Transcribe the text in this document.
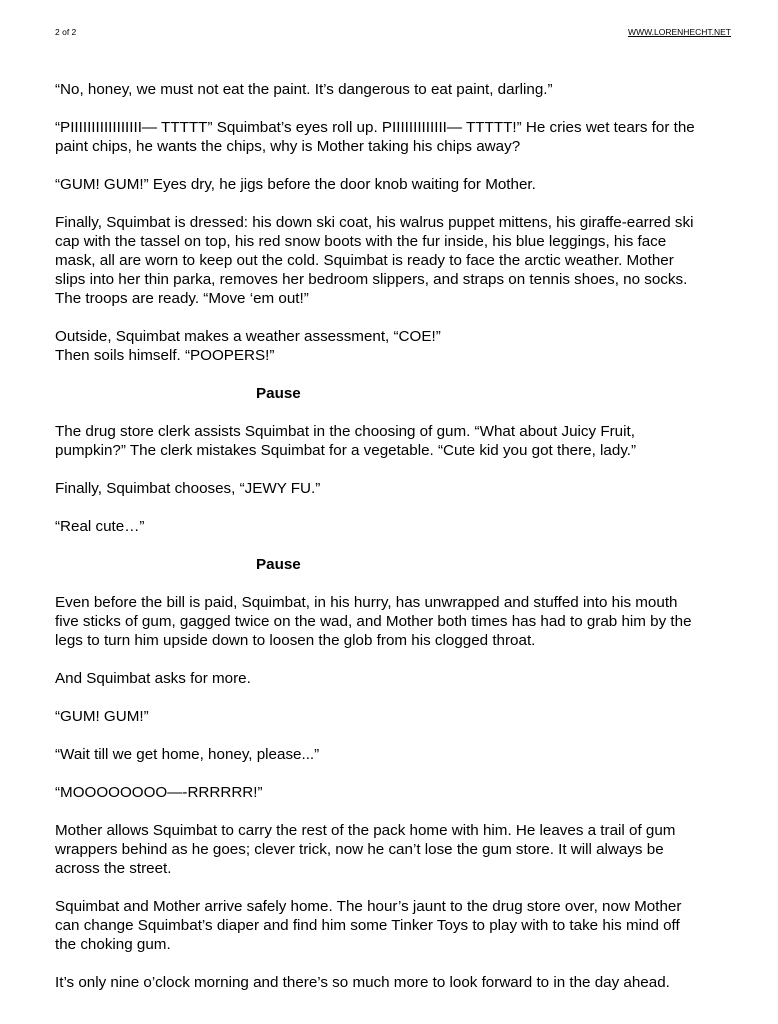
2 of 2	WWW.LORENHECHT.NET

“No, honey, we must not eat the paint. It’s dangerous to eat paint, darling.”

“PIIIIIIIIIIIIIIIII— TTTTT” Squimbat’s eyes roll up. PIIIIIIIIIIIII— TTTTT!” He cries wet tears for the
paint chips, he wants the chips, why is Mother taking his chips away?

“GUM! GUM!” Eyes dry, he jigs before the door knob waiting for Mother.

Finally, Squimbat is dressed: his down ski coat, his walrus puppet mittens, his giraffe-earred ski
cap with the tassel on top, his red snow boots with the fur inside, his blue leggings, his face
mask, all are worn to keep out the cold. Squimbat is ready to face the arctic weather. Mother
slips into her thin parka, removes her bedroom slippers, and straps on tennis shoes, no socks.
The troops are ready. “Move ‘em out!”

Outside, Squimbat makes a weather assessment, “COE!”
Then soils himself. “POOPERS!”

Pause

The drug store clerk assists Squimbat in the choosing of gum. “What about Juicy Fruit,
pumpkin?” The clerk mistakes Squimbat for a vegetable. “Cute kid you got there, lady.”

Finally, Squimbat chooses, “JEWY FU.”

“Real cute…”

Pause

Even before the bill is paid, Squimbat, in his hurry, has unwrapped and stuffed into his mouth
five sticks of gum, gagged twice on the wad, and Mother both times has had to grab him by the
legs to turn him upside down to loosen the glob from his clogged throat.

And Squimbat asks for more.

“GUM! GUM!”

“Wait till we get home, honey, please...”

“MOOOOOOOO—-RRRRRR!”

Mother allows Squimbat to carry the rest of the pack home with him. He leaves a trail of gum
wrappers behind as he goes; clever trick, now he can’t lose the gum store. It will always be
across the street.

Squimbat and Mother arrive safely home. The hour’s jaunt to the drug store over, now Mother
can change Squimbat’s diaper and find him some Tinker Toys to play with to take his mind off
the choking gum.

It’s only nine o’clock morning and there’s so much more to look forward to in the day ahead.
